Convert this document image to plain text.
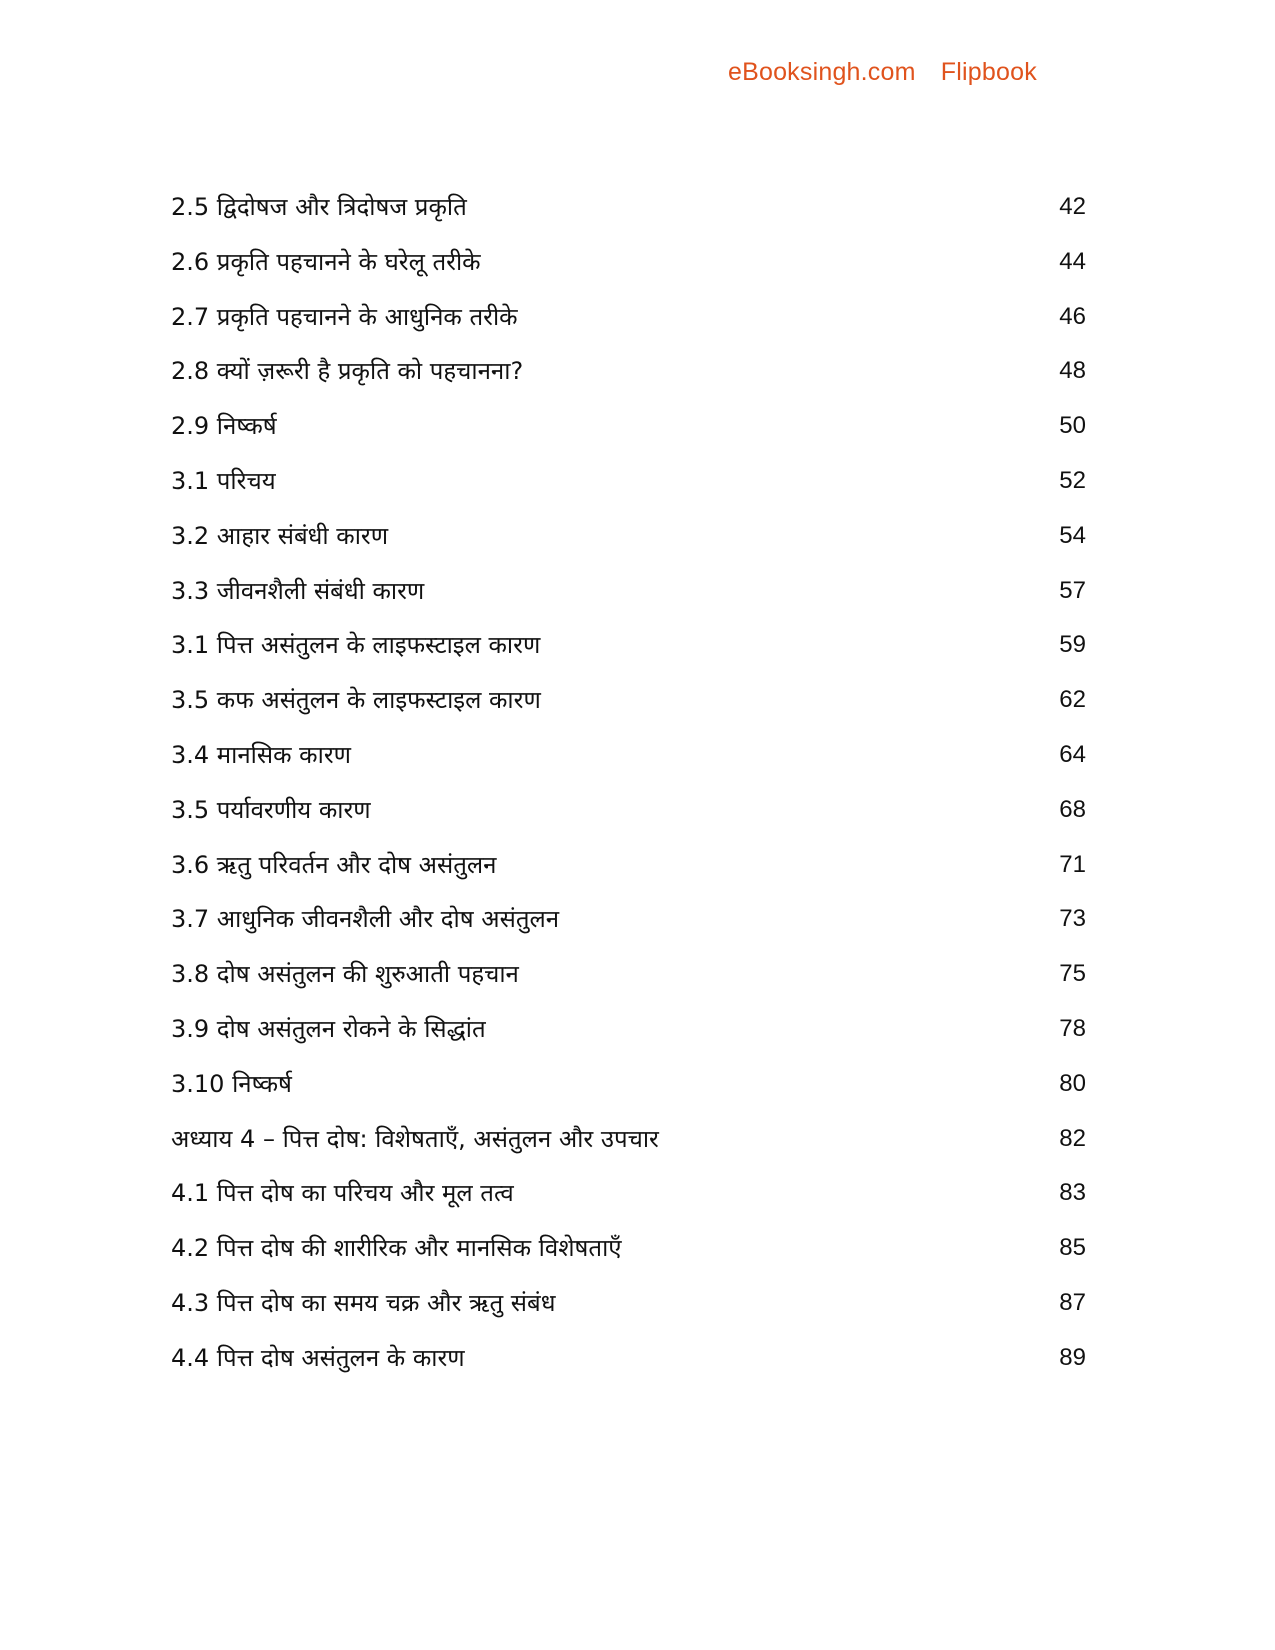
eBooksingh.com Flipbook
2.5 द्विदोषज और त्रिदोषज प्रकृति	42
2.6 प्रकृति पहचानने के घरेलू तरीके	44
2.7 प्रकृति पहचानने के आधुनिक तरीके	46
2.8 क्यों ज़रूरी है प्रकृति को पहचानना?	48
2.9 निष्कर्ष	50
3.1 परिचय	52
3.2 आहार संबंधी कारण	54
3.3 जीवनशैली संबंधी कारण	57
3.1 पित्त असंतुलन के लाइफस्टाइल कारण	59
3.5 कफ असंतुलन के लाइफस्टाइल कारण	62
3.4 मानसिक कारण	64
3.5 पर्यावरणीय कारण	68
3.6 ऋतु परिवर्तन और दोष असंतुलन	71
3.7 आधुनिक जीवनशैली और दोष असंतुलन	73
3.8 दोष असंतुलन की शुरुआती पहचान	75
3.9 दोष असंतुलन रोकने के सिद्धांत	78
3.10 निष्कर्ष	80
अध्याय 4 – पित्त दोष: विशेषताएँ, असंतुलन और उपचार	82
4.1 पित्त दोष का परिचय और मूल तत्व	83
4.2 पित्त दोष की शारीरिक और मानसिक विशेषताएँ	85
4.3 पित्त दोष का समय चक्र और ऋतु संबंध	87
4.4 पित्त दोष असंतुलन के कारण	89
